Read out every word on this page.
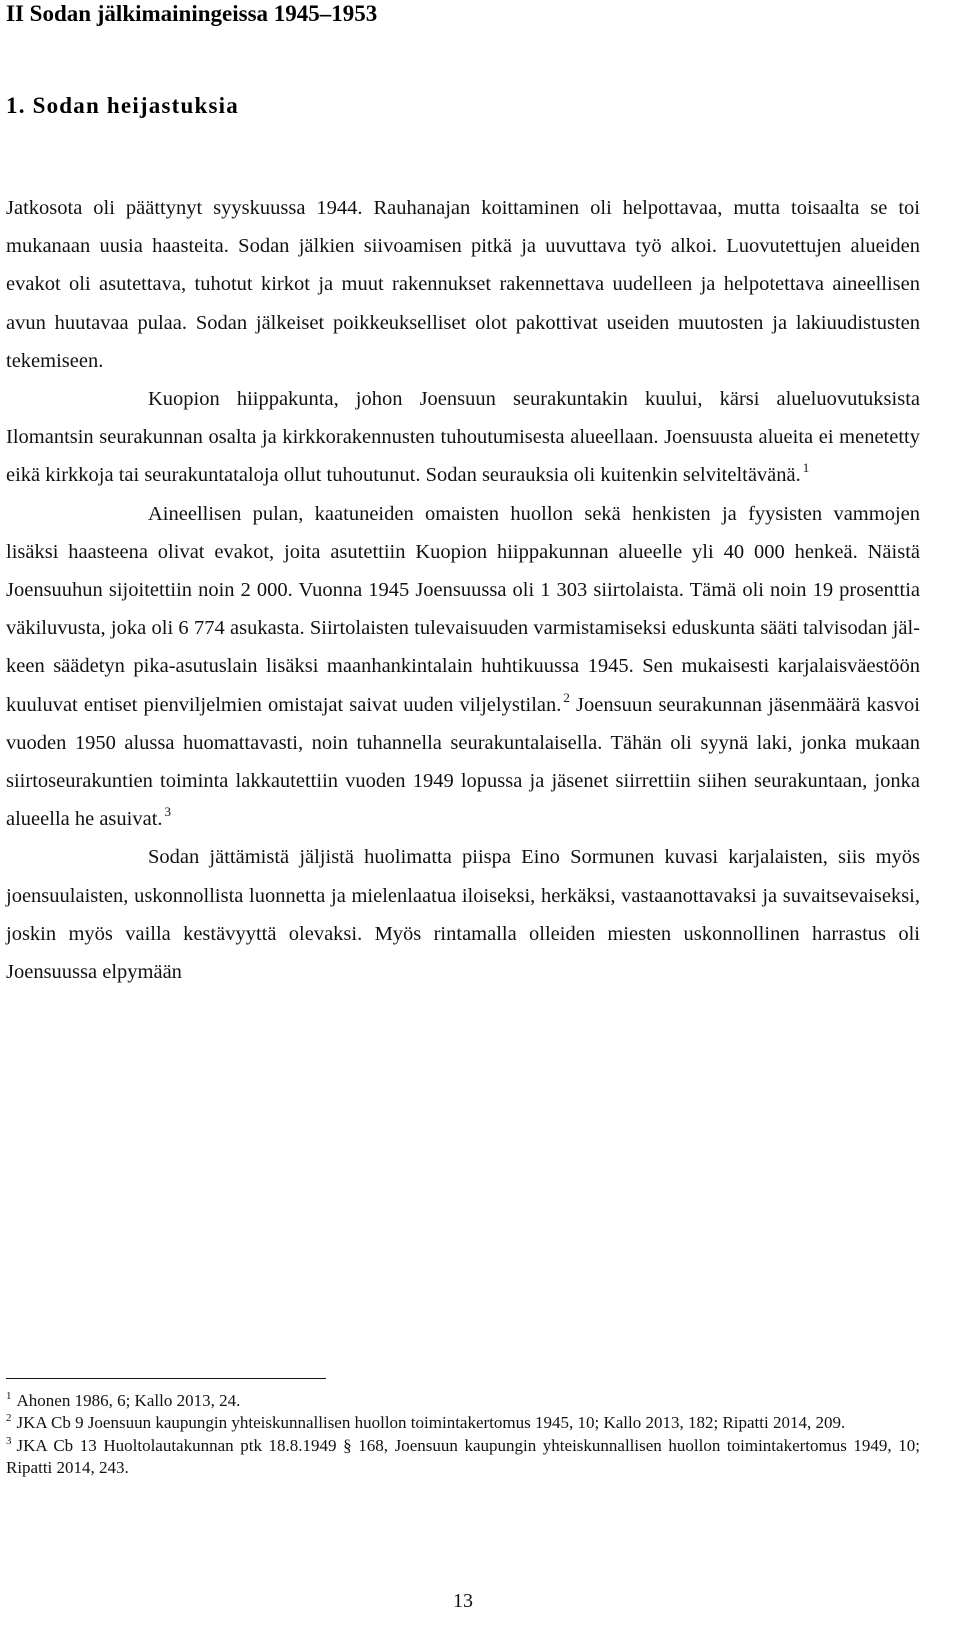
II Sodan jälkimainingeissa 1945–1953
1. Sodan heijastuksia

Jatkosota oli päättynyt syyskuussa 1944. Rauhanajan koittaminen oli helpottavaa, mutta toisaalta se toi mukanaan uusia haasteita. Sodan jälkien siivoamisen pitkä ja uuvuttava työ alkoi. Luovutettujen alueiden evakot oli asutettava, tuhotut kirkot ja muut rakennukset rakennettava uudelleen ja helpotettava aineellisen avun huutavaa pulaa. Sodan jälkeiset poikkeukselliset olot pakottivat useiden muutosten ja lakiuudistusten tekemiseen.

Kuopion hiippakunta, johon Joensuun seurakuntakin kuului, kärsi alueluovutuksista Ilomantsin seurakunnan osalta ja kirkkorakennusten tuhoutumisesta alueellaan. Joensuusta alueita ei menetetty eikä kirkkoja tai seurakuntataloja ollut tuhoutunut. Sodan seurauksia oli kuitenkin selviteltävänä. $^1$

Aineellisen pulan, kaatuneiden omaisten huollon sekä henkisten ja fyysisten vammojen lisäksi haasteena olivat evakot, joita asutettiin Kuopion hiippakunnan alueelle yli 40 000 henkeä. Näistä Joensuuhun sijoitettiin noin 2 000. Vuonna 1945 Joensuussa oli 1 303 siirtolaista. Tämä oli noin 19 prosenttia väkiluvusta, joka oli 6 774 asukasta. Siirtolaisten tulevaisuuden varmistamiseksi eduskunta sääti talvisodan jälkeen säädetyn pika-asutuslain lisäksi maanhankintalain huhtikuussa 1945. Sen mukaisesti karjalaisväestöön kuuluvat entiset pienviljelmien omistajat saivat uuden viljelystilan. $^2$ Joensuun seurakunnan jäsenmäärä kasvoi vuoden 1950 alussa huomattavasti, noin tuhannella seurakuntalaisella. Tähän oli syynä laki, jonka mukaan siirtoseurakuntien toiminta lakkautettiin vuoden 1949 lopussa ja jäsenet siirrettiin siihen seurakuntaan, jonka alueella he asuivat. $^3$

Sodan jättämistä jäljistä huolimatta piispa Eino Sormunen kuvasi karjalaisten, siis myös joensuulaisten, uskonnollista luonnetta ja mielenlaatua iloiseksi, herkäksi, vastaanottavaksi ja suvaitsevaiseksi, joskin myös vailla kestävyyttä olevaksi. Myös rintamalla olleiden miesten uskonnollinen harrastus oli Joensuussa elpymään

$^1$ Ahonen 1986, 6; Kallo 2013, 24.

$^2$ JKA Cb 9 Joensuun kaupungin yhteiskunnallisen huollon toimintakertomus 1945, 10; Kallo 2013, 182; Ripatti 2014, 209.

$^3$ JKA Cb 13 Huoltolautakunnan ptk 18.8.1949 § 168, Joensuun kaupungin yhteiskunnallisen huollon toimintakertomus 1949, 10; Ripatti 2014, 243.

13
